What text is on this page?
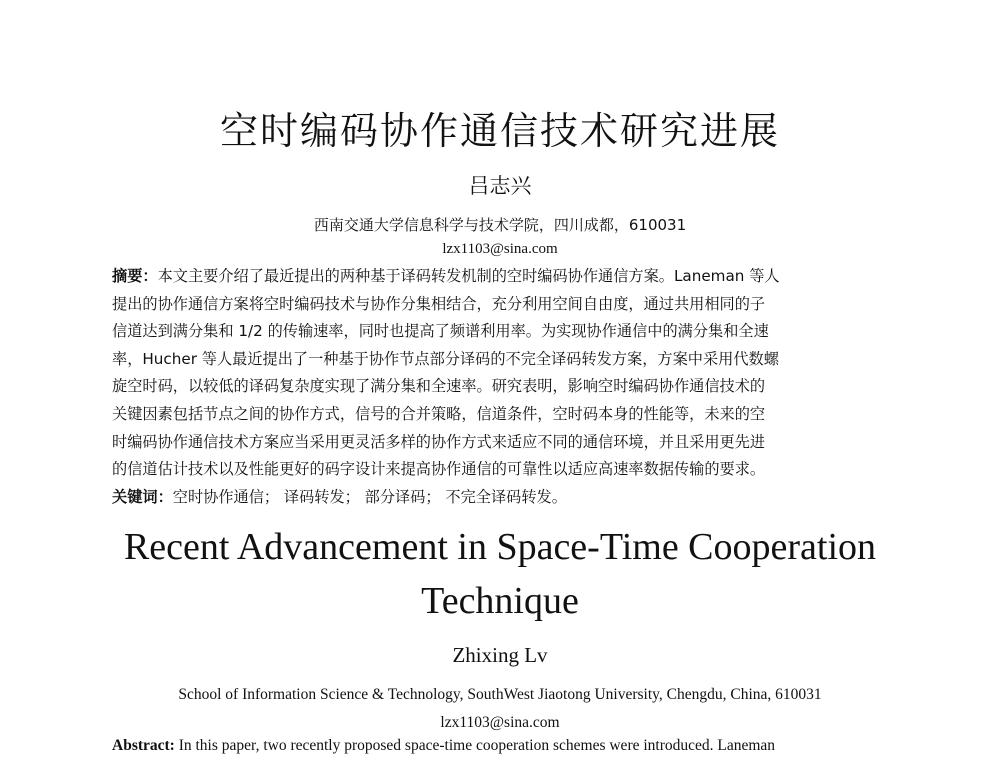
空时编码协作通信技术研究进展
吕志兴
西南交通大学信息科学与技术学院，四川成都，610031
lzx1103@sina.com
摘要：本文主要介绍了最近提出的两种基于译码转发机制的空时编码协作通信方案。Laneman 等人
提出的协作通信方案将空时编码技术与协作分集相结合，充分利用空间自由度，通过共用相同的子
信道达到满分集和 1/2 的传输速率，同时也提高了频谱利用率。为实现协作通信中的满分集和全速
率，Hucher 等人最近提出了一种基于协作节点部分译码的不完全译码转发方案，方案中采用代数螺
旋空时码，以较低的译码复杂度实现了满分集和全速率。研究表明，影响空时编码协作通信技术的
关键因素包括节点之间的协作方式，信号的合并策略，信道条件，空时码本身的性能等，未来的空
时编码协作通信技术方案应当采用更灵活多样的协作方式来适应不同的通信环境，并且采用更先进
的信道估计技术以及性能更好的码字设计来提高协作通信的可靠性以适应高速率数据传输的要求。
关键词：空时协作通信； 译码转发； 部分译码； 不完全译码转发。
Recent Advancement in Space-Time Cooperation
Technique
Zhixing Lv
School of Information Science & Technology, SouthWest Jiaotong University, Chengdu, China, 610031
lzx1103@sina.com
Abstract: In this paper, two recently proposed space-time cooperation schemes were introduced. Laneman
